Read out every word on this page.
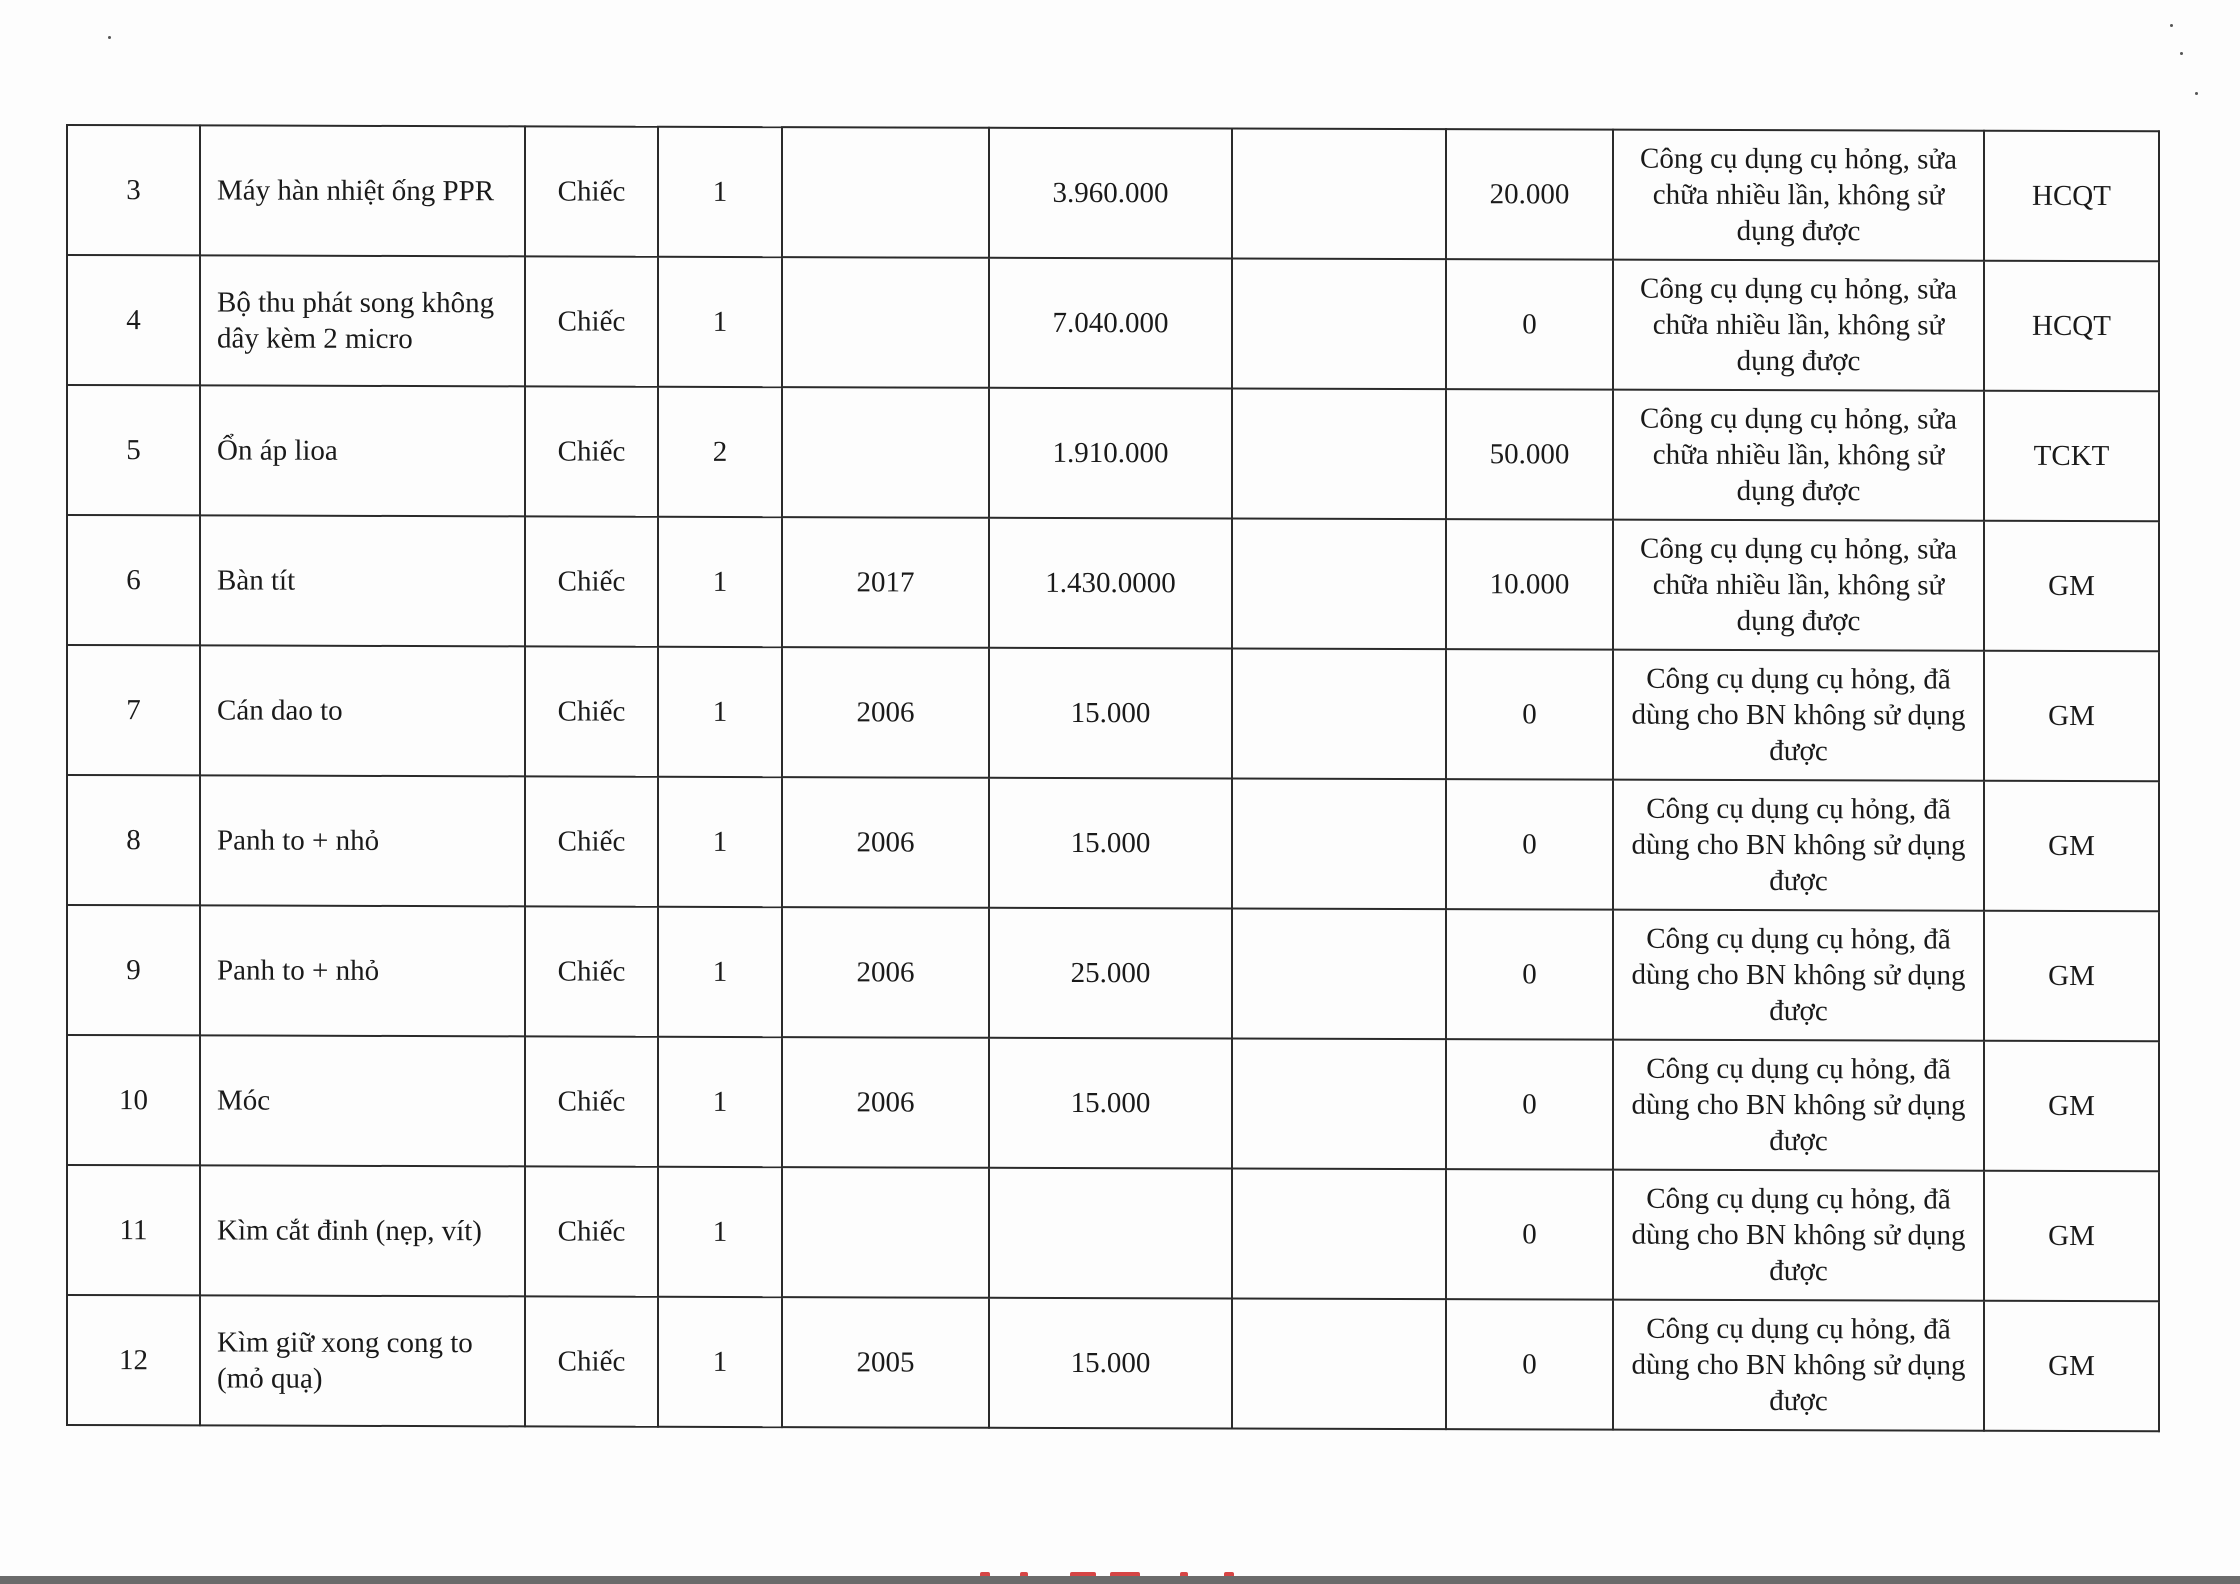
3	Máy hàn nhiệt ống PPR	Chiếc	1		3.960.000		20.000	Công cụ dụng cụ hỏng, sửa chữa nhiều lần, không sử dụng được	HCQT
4	Bộ thu phát song không dây kèm 2 micro	Chiếc	1		7.040.000		0	Công cụ dụng cụ hỏng, sửa chữa nhiều lần, không sử dụng được	HCQT
5	Ổn áp lioa	Chiếc	2		1.910.000		50.000	Công cụ dụng cụ hỏng, sửa chữa nhiều lần, không sử dụng được	TCKT
6	Bàn tít	Chiếc	1	2017	1.430.0000		10.000	Công cụ dụng cụ hỏng, sửa chữa nhiều lần, không sử dụng được	GM
7	Cán dao to	Chiếc	1	2006	15.000		0	Công cụ dụng cụ hỏng, đã dùng cho BN không sử dụng được	GM
8	Panh to + nhỏ	Chiếc	1	2006	15.000		0	Công cụ dụng cụ hỏng, đã dùng cho BN không sử dụng được	GM
9	Panh to + nhỏ	Chiếc	1	2006	25.000		0	Công cụ dụng cụ hỏng, đã dùng cho BN không sử dụng được	GM
10	Móc	Chiếc	1	2006	15.000		0	Công cụ dụng cụ hỏng, đã dùng cho BN không sử dụng được	GM
11	Kìm cắt đinh (nẹp, vít)	Chiếc	1				0	Công cụ dụng cụ hỏng, đã dùng cho BN không sử dụng được	GM
12	Kìm giữ xong cong to (mỏ quạ)	Chiếc	1	2005	15.000		0	Công cụ dụng cụ hỏng, đã dùng cho BN không sử dụng được	GM
